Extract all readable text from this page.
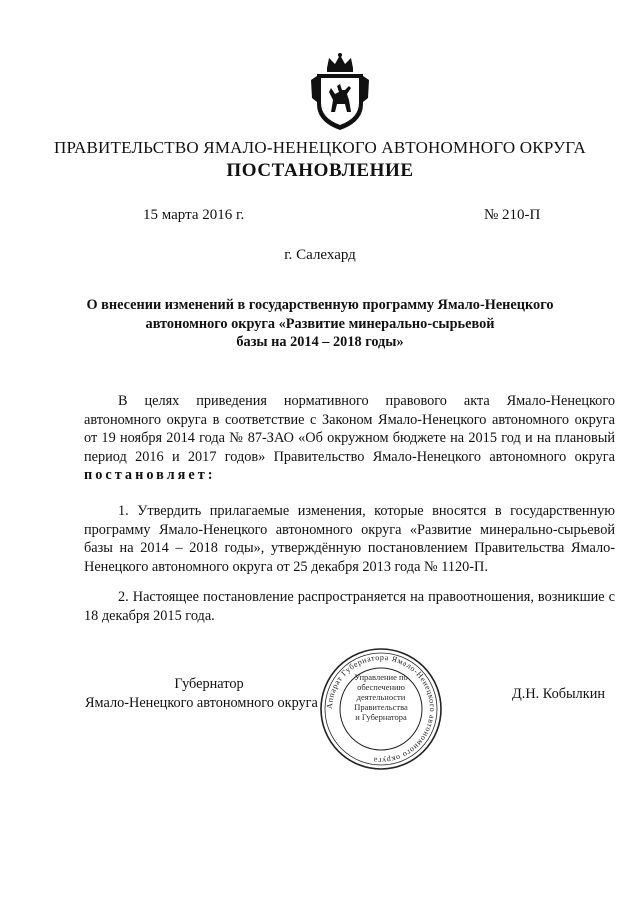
ПРАВИТЕЛЬСТВО ЯМАЛО-НЕНЕЦКОГО АВТОНОМНОГО ОКРУГА
ПОСТАНОВЛЕНИЕ
15 марта 2016 г.	№ 210-П
г. Салехард
О внесении изменений в государственную программу Ямало-Ненецкого
автономного округа «Развитие минерально-сырьевой
базы на 2014 – 2018 годы»
В целях приведения нормативного правового акта Ямало-Ненецкого автономного округа в соответствие с Законом Ямало-Ненецкого автономного округа от 19 ноября 2014 года № 87-ЗАО «Об окружном бюджете на 2015 год и на плановый период 2016 и 2017 годов» Правительство Ямало-Ненецкого автономного округа постановляет:
1. Утвердить прилагаемые изменения, которые вносятся в государственную программу Ямало-Ненецкого автономного округа «Развитие минерально-сырьевой базы на 2014 – 2018 годы», утверждённую постановлением Правительства Ямало-Ненецкого автономного округа от 25 декабря 2013 года № 1120-П.
2. Настоящее постановление распространяется на правоотношения, возникшие с 18 декабря 2015 года.
Губернатор
Ямало-Ненецкого автономного округа
Д.Н. Кобылкин
Аппарат Губернатора Ямало-Ненецкого автономного округа
Управление по
обеспечению
деятельности
Правительства
и Губернатора
